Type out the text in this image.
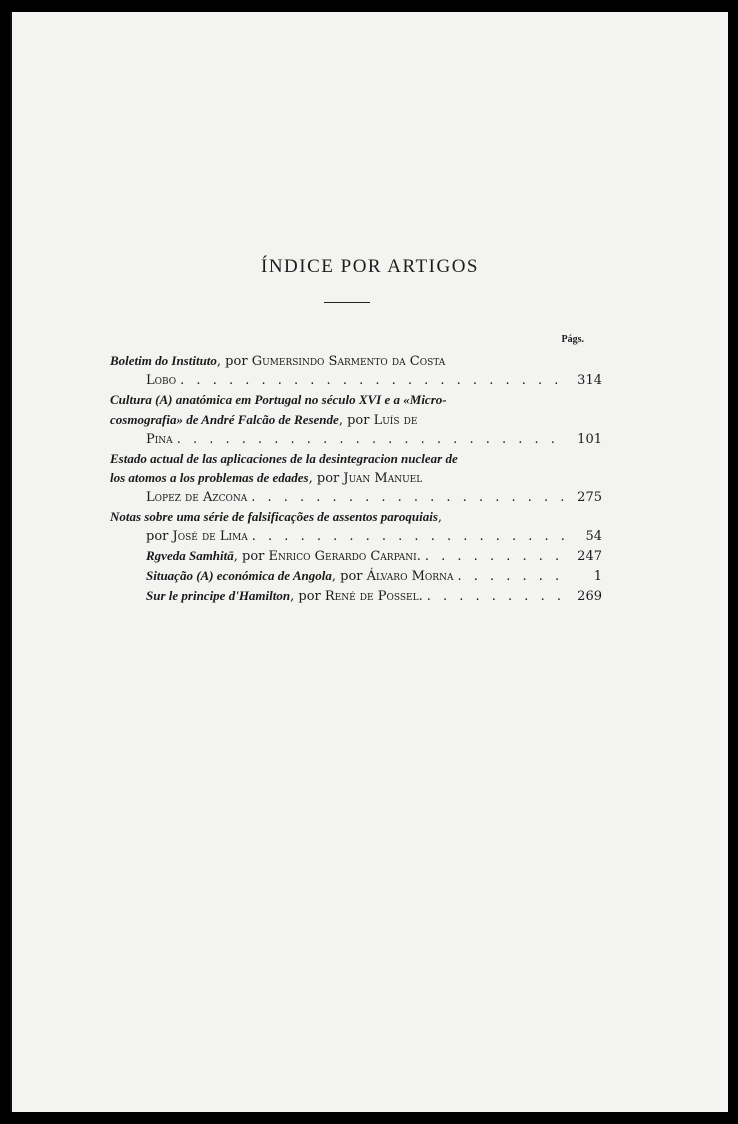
ÍNDICE POR ARTIGOS
Págs.
Boletim do Instituto, por Gumersindo Sarmento da Costa
Lobo . . .	314
Cultura (A) anatómica em Portugal no século XVI e a «Micro-
cosmografia» de André Falcão de Resende, por Luís de
Pina . . .	101
Estado actual de las aplicaciones de la desintegracion nuclear de
los atomos a los problemas de edades, por Juan Manuel
Lopez de Azcona . . .	275
Notas sobre uma série de falsificações de assentos paroquiais,
por José de Lima . . .	54
Rgveda Samhitā, por Enrico Gerardo Carpani. . . .	247
Situação (A) económica de Angola, por Álvaro Morna . . .	1
Sur le principe d'Hamilton, por René de Possel. . . .	269
